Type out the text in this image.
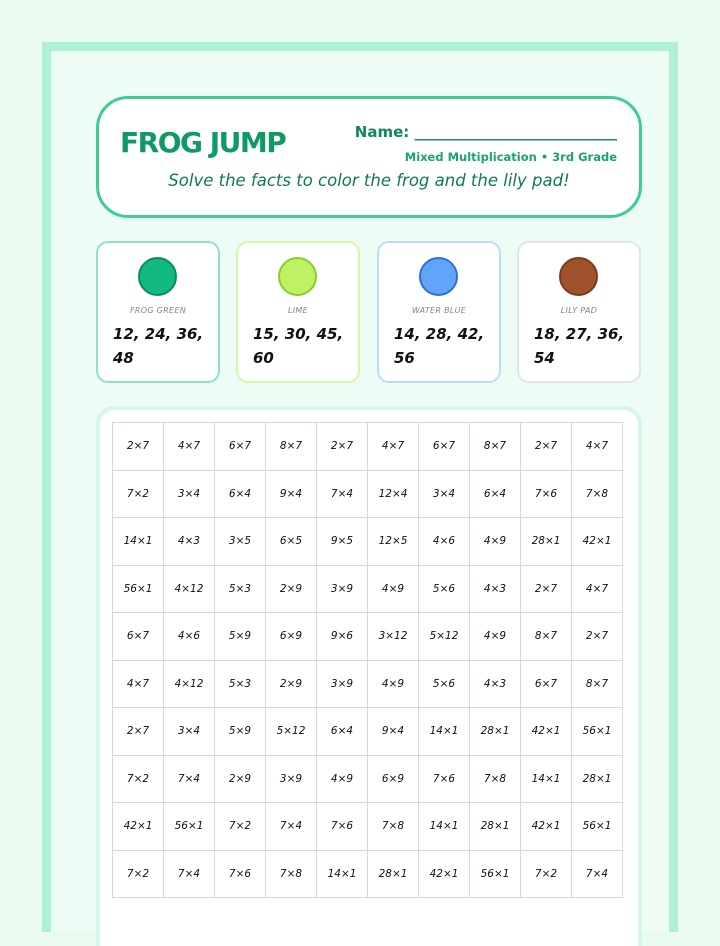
FROG JUMP	Name: ___________________________
Mixed Multiplication • 3rd Grade
Solve the facts to color the frog and the lily pad!
FROG GREEN
12, 24, 36, 48
LIME
15, 30, 45, 60
WATER BLUE
14, 28, 42, 56
LILY PAD
18, 27, 36, 54
2×7	4×7	6×7	8×7	2×7	4×7	6×7	8×7	2×7	4×7
7×2	3×4	6×4	9×4	7×4	12×4	3×4	6×4	7×6	7×8
14×1	4×3	3×5	6×5	9×5	12×5	4×6	4×9	28×1	42×1
56×1	4×12	5×3	2×9	3×9	4×9	5×6	4×3	2×7	4×7
6×7	4×6	5×9	6×9	9×6	3×12	5×12	4×9	8×7	2×7
4×7	4×12	5×3	2×9	3×9	4×9	5×6	4×3	6×7	8×7
2×7	3×4	5×9	5×12	6×4	9×4	14×1	28×1	42×1	56×1
7×2	7×4	2×9	3×9	4×9	6×9	7×6	7×8	14×1	28×1
42×1	56×1	7×2	7×4	7×6	7×8	14×1	28×1	42×1	56×1
7×2	7×4	7×6	7×8	14×1	28×1	42×1	56×1	7×2	7×4
